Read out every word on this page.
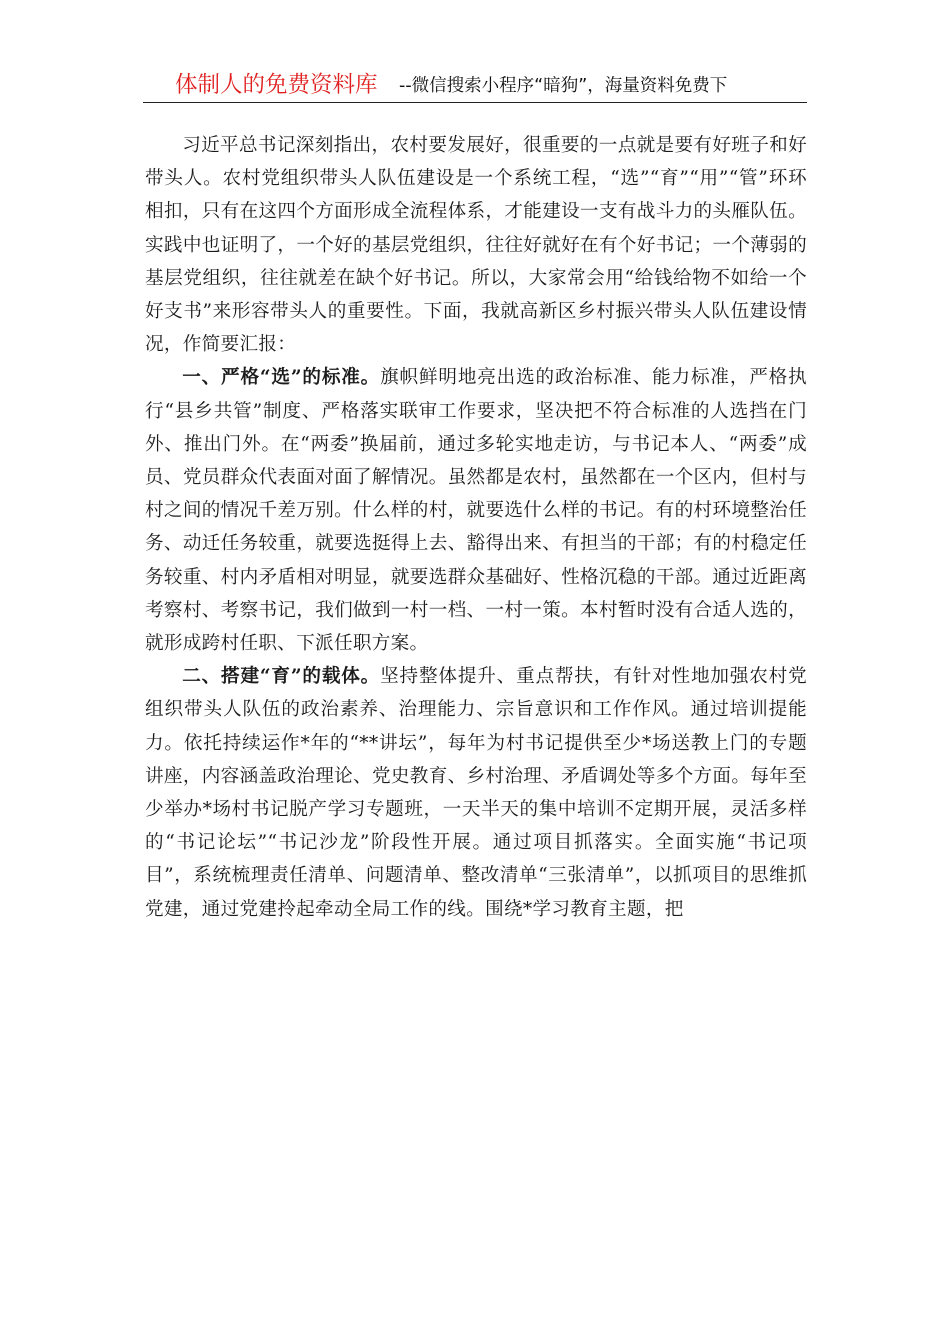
体制人的免费资料库 --微信搜索小程序“暗狗”，海量资料免费下

习近平总书记深刻指出，农村要发展好，很重要的一点就是要有好班子和好带头人。农村党组织带头人队伍建设是一个系统工程，“选”“育”“用”“管”环环相扣，只有在这四个方面形成全流程体系，才能建设一支有战斗力的头雁队伍。实践中也证明了，一个好的基层党组织，往往好就好在有个好书记；一个薄弱的基层党组织，往往就差在缺个好书记。所以，大家常会用“给钱给物不如给一个好支书”来形容带头人的重要性。下面，我就高新区乡村振兴带头人队伍建设情况，作简要汇报：

一、严格“选”的标准。旗帜鲜明地亮出选的政治标准、能力标准，严格执行“县乡共管”制度、严格落实联审工作要求，坚决把不符合标准的人选挡在门外、推出门外。在“两委”换届前，通过多轮实地走访，与书记本人、“两委”成员、党员群众代表面对面了解情况。虽然都是农村，虽然都在一个区内，但村与村之间的情况千差万别。什么样的村，就要选什么样的书记。有的村环境整治任务、动迁任务较重，就要选挺得上去、豁得出来、有担当的干部；有的村稳定任务较重、村内矛盾相对明显，就要选群众基础好、性格沉稳的干部。通过近距离考察村、考察书记，我们做到一村一档、一村一策。本村暂时没有合适人选的，就形成跨村任职、下派任职方案。

二、搭建“育”的载体。坚持整体提升、重点帮扶，有针对性地加强农村党组织带头人队伍的政治素养、治理能力、宗旨意识和工作作风。通过培训提能力。依托持续运作*年的“**讲坛”，每年为村书记提供至少*场送教上门的专题讲座，内容涵盖政治理论、党史教育、乡村治理、矛盾调处等多个方面。每年至少举办*场村书记脱产学习专题班，一天半天的集中培训不定期开展，灵活多样的“书记论坛”“书记沙龙”阶段性开展。通过项目抓落实。全面实施“书记项目”，系统梳理责任清单、问题清单、整改清单“三张清单”，以抓项目的思维抓党建，通过党建拎起牵动全局工作的线。围绕*学习教育主题，把
